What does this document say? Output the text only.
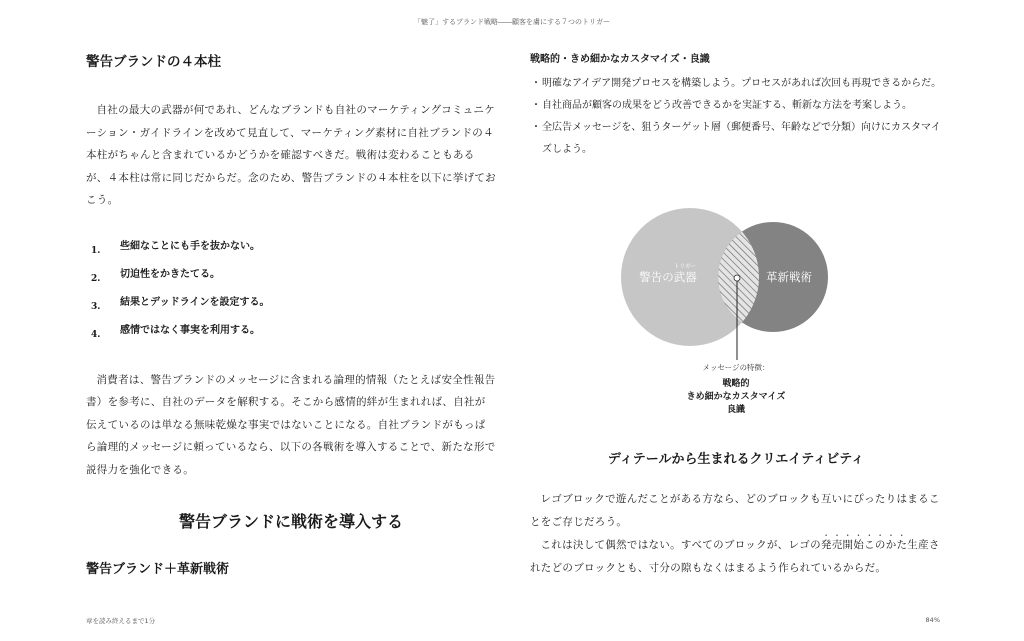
「魅了」するブランド戦略――顧客を虜にする７つのトリガー
警告ブランドの４本柱

自社の最大の武器が何であれ、どんなブランドも自社のマーケティングコミュニケーション・ガイドラインを改めて見直して、マーケティング素材に自社ブランドの４本柱がちゃんと含まれているかどうかを確認すべきだ。戦術は変わることもあるが、４本柱は常に同じだからだ。念のため、警告ブランドの４本柱を以下に挙げておこう。

1. 些細なことにも手を抜かない。
2. 切迫性をかきたてる。
3. 結果とデッドラインを設定する。
4. 感情ではなく事実を利用する。

消費者は、警告ブランドのメッセージに含まれる論理的情報（たとえば安全性報告書）を参考に、自社のデータを解釈する。そこから感情的絆が生まれれば、自社が伝えているのは単なる無味乾燥な事実ではないことになる。自社ブランドがもっぱら論理的メッセージに頼っているなら、以下の各戦術を導入することで、新たな形で説得力を強化できる。

警告ブランドに戦術を導入する
警告ブランド＋革新戦術
戦略的・きめ細かなカスタマイズ・良識
・ 明確なアイデア開発プロセスを構築しよう。プロセスがあれば次回も再現できるからだ。
・ 自社商品が顧客の成果をどう改善できるかを実証する、斬新な方法を考案しよう。
・ 全広告メッセージを、狙うターゲット層（郵便番号、年齢などで分類）向けにカスタマイズしよう。
警告の武器
トリガー
革新戦術
メッセージの特徴：
戦略的
きめ細かなカスタマイズ
良識
ディテールから生まれるクリエイティビティ

レゴブロックで遊んだことがある方なら、どのブロックも互いにぴったりはまることをご存じだろう。

これは決して偶然ではない。すべてのブロックが、レゴの発売開始このかた生産されたどのブロックとも、寸分の隙もなくはまるよう作られているからだ。

章を読み終えるまで1分	84%
